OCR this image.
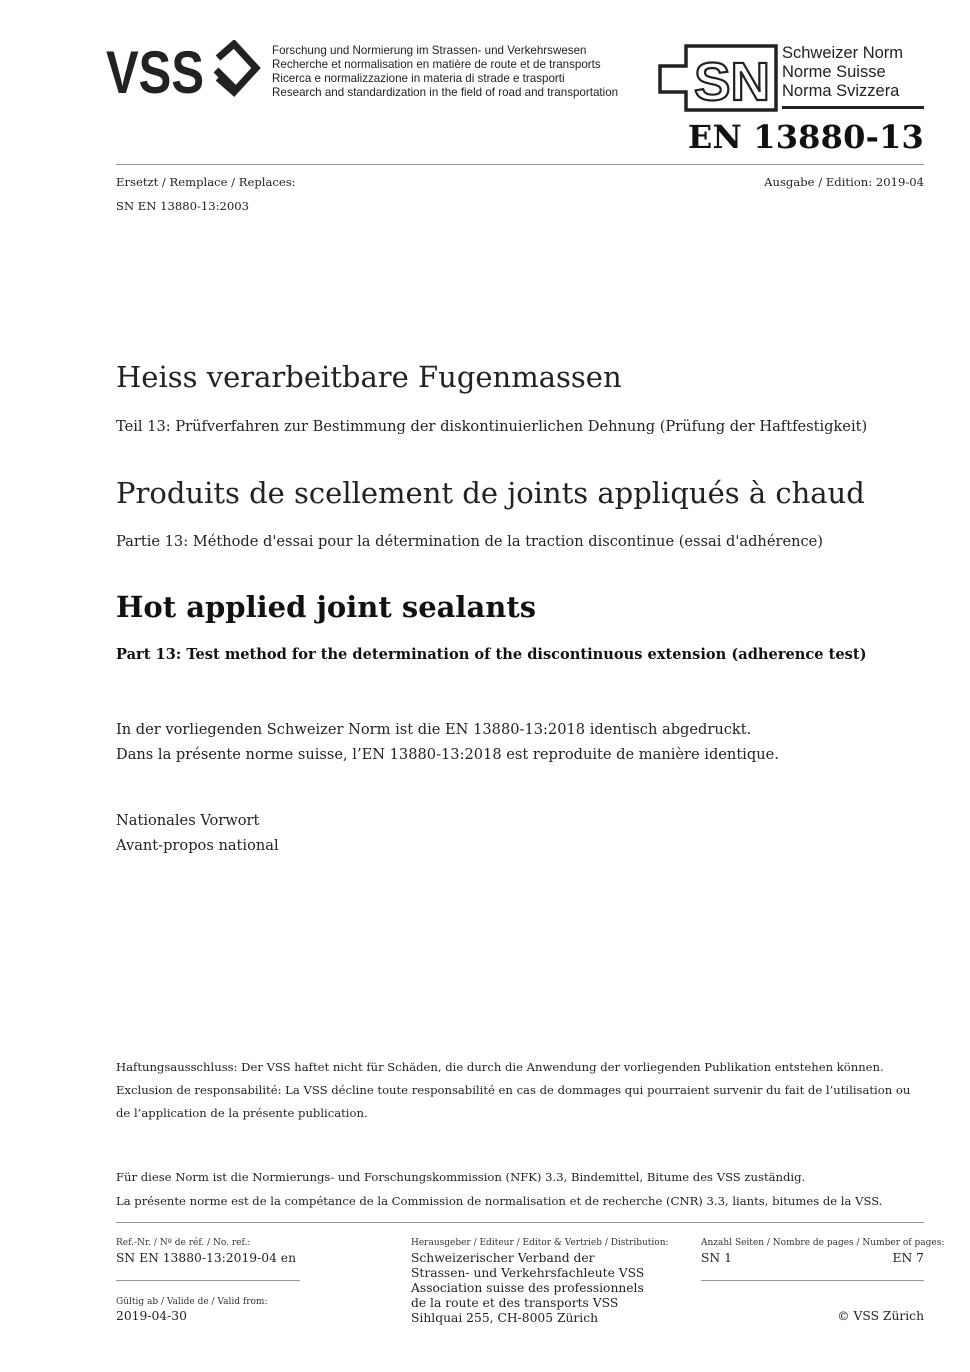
VSS	Forschung und Normierung im Strassen- und Verkehrswesen
Recherche et normalisation en matière de route et de transports
Ricerca e normalizzazione in materia di strade e trasporti
Research and standardization in the field of road and transportation SN Schweizer Norm
Norme Suisse
Norma Svizzera
EN 13880-13
Ersetzt / Remplace / Replaces:
SN EN 13880-13:2003
Ausgabe / Edition: 2019-04
Heiss verarbeitbare Fugenmassen
Teil 13: Prüfverfahren zur Bestimmung der diskontinuierlichen Dehnung (Prüfung der Haftfestigkeit)
Produits de scellement de joints appliqués à chaud
Partie 13: Méthode d'essai pour la détermination de la traction discontinue (essai d'adhérence)
Hot applied joint sealants
Part 13: Test method for the determination of the discontinuous extension (adherence test)
In der vorliegenden Schweizer Norm ist die EN 13880-13:2018 identisch abgedruckt.
Dans la présente norme suisse, l’EN 13880-13:2018 est reproduite de manière identique.
Nationales Vorwort
Avant-propos national
Haftungsausschluss: Der VSS haftet nicht für Schäden, die durch die Anwendung der vorliegenden Publikation entstehen können.
Exclusion de responsabilité: La VSS décline toute responsabilité en cas de dommages qui pourraient survenir du fait de l’utilisation ou
de l’application de la présente publication.
Für diese Norm ist die Normierungs- und Forschungskommission (NFK) 3.3, Bindemittel, Bitume des VSS zuständig.
La présente norme est de la compétance de la Commission de normalisation et de recherche (CNR) 3.3, liants, bitumes de la VSS.
Ref.-Nr. / Nº de réf. / No. ref.:
SN EN 13880-13:2019-04 en
Gültig ab / Valide de / Valid from:
2019-04-30
Herausgeber / Editeur / Editor & Vertrieb / Distribution:
Schweizerischer Verband der
Strassen- und Verkehrsfachleute VSS
Association suisse des professionnels
de la route et des transports VSS
Sihlquai 255, CH-8005 Zürich
Anzahl Seiten / Nombre de pages / Number of pages:
SN 1	EN 7
© VSS Zürich
